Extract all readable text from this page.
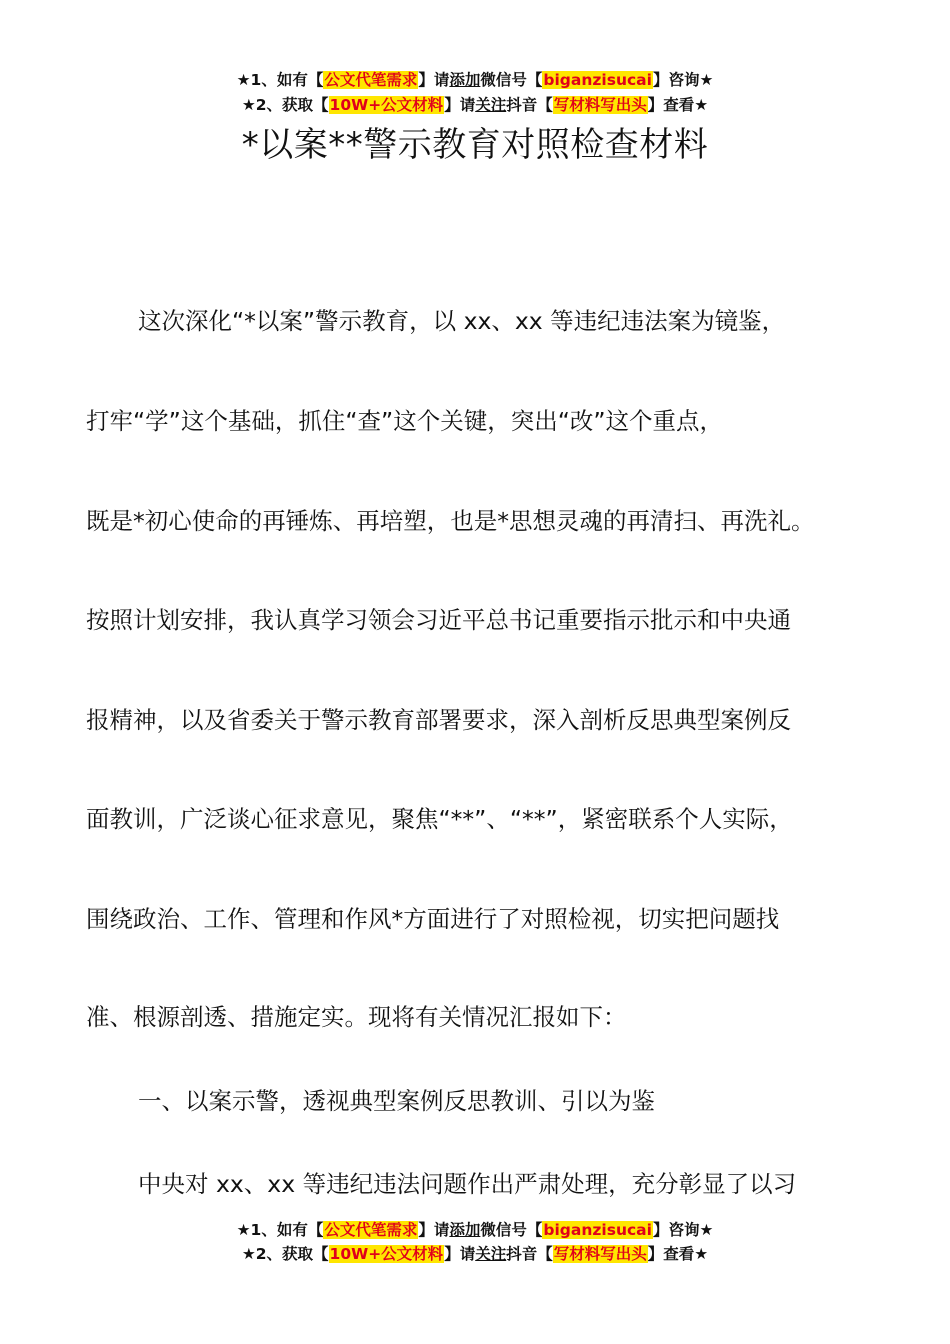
★1、如有【公文代笔需求】请添加微信号【biganzisucai】咨询★
★2、获取【10W+公文材料】请关注抖音【写材料写出头】查看★
*以案**警示教育对照检查材料
这次深化“*以案”警示教育，以 xx、xx 等违纪违法案为镜鉴，
打牢“学”这个基础，抓住“查”这个关键，突出“改”这个重点，
既是*初心使命的再锤炼、再培塑，也是*思想灵魂的再清扫、再洗礼。
按照计划安排，我认真学习领会习近平总书记重要指示批示和中央通
报精神，以及省委关于警示教育部署要求，深入剖析反思典型案例反
面教训，广泛谈心征求意见，聚焦“**”、“**”，紧密联系个人实际，
围绕政治、工作、管理和作风*方面进行了对照检视，切实把问题找
准、根源剖透、措施定实。现将有关情况汇报如下：
一、以案示警，透视典型案例反思教训、引以为鉴
中央对 xx、xx 等违纪违法问题作出严肃处理，充分彰显了以习
★1、如有【公文代笔需求】请添加微信号【biganzisucai】咨询★
★2、获取【10W+公文材料】请关注抖音【写材料写出头】查看★
